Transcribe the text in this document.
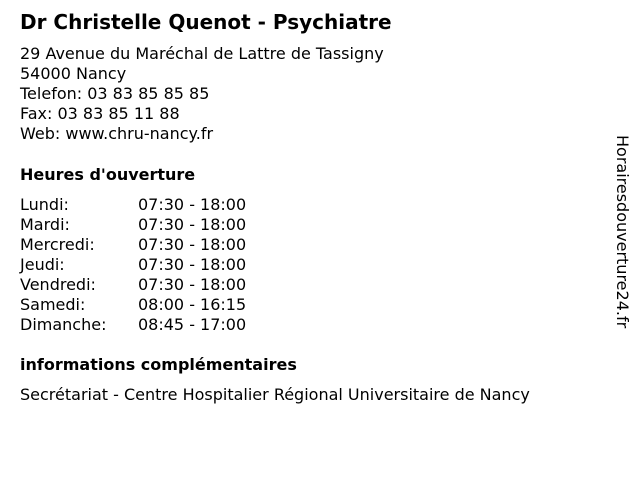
Dr Christelle Quenot - Psychiatre
29 Avenue du Maréchal de Lattre de Tassigny
54000 Nancy
Telefon: 03 83 85 85 85
Fax: 03 83 85 11 88
Web: www.chru-nancy.fr
Heures d'ouverture
Lundi:	07:30 - 18:00
Mardi:	07:30 - 18:00
Mercredi:	07:30 - 18:00
Jeudi:	07:30 - 18:00
Vendredi:	07:30 - 18:00
Samedi:	08:00 - 16:15
Dimanche:	08:45 - 17:00
informations complémentaires
Secrétariat - Centre Hospitalier Régional Universitaire de Nancy
Horairesdouverture24.fr
